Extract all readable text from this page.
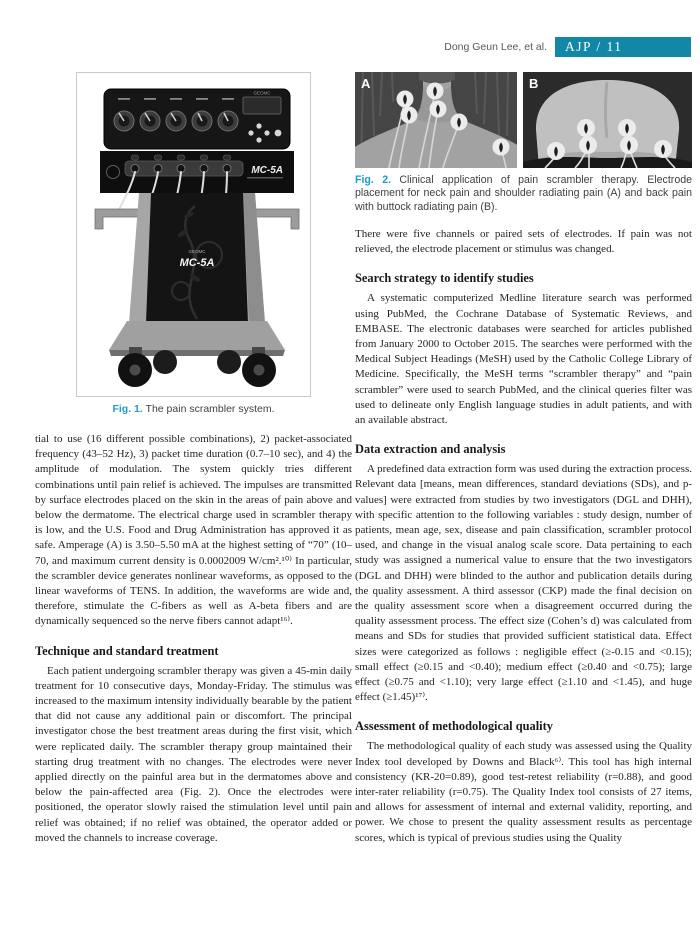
Dong Geun Lee, et al. AJP / 11
GEOMC
MC-5A
GEOMC
MC-5A
Fig. 1. The pain scrambler system.

tial to use (16 different possible combinations), 2) packet-associated frequency (43–52 Hz), 3) packet time duration (0.7–10 sec), and 4) the amplitude of modulation. The system quickly tries different combinations until pain relief is achieved. The impulses are transmitted by surface electrodes placed on the skin in the areas of pain above and below the dermatome. The electrical charge used in scrambler therapy is low, and the U.S. Food and Drug Administration has approved it as safe. Amperage (A) is 3.50–5.50 mA at the highest setting of “70” (10–70, and maximum current density is 0.0002009 W/cm².¹⁰⁾ In particular, the scrambler device generates nonlinear waveforms, as opposed to the linear waveforms of TENS. In addition, the waveforms are wide and, therefore, stimulate the C-fibers as well as A-beta fibers and are dynamically sequenced so the nerve fibers cannot adapt¹⁶⁾.

Technique and standard treatment

Each patient undergoing scrambler therapy was given a 45-min daily treatment for 10 consecutive days, Monday-Friday. The stimulus was increased to the maximum intensity individually bearable by the patient that did not cause any additional pain or discomfort. The principal investigator chose the best treatment areas during the first visit, which were replicated daily. The scrambler therapy group maintained their starting drug treatment with no changes. The electrodes were never applied directly on the painful area but in the dermatomes above and below the pain-affected area (Fig. 2). Once the electrodes were positioned, the operator slowly raised the stimulation level until pain relief was obtained; if no relief was obtained, the operator added or moved the channels to increase coverage.

A	B
Fig. 2. Clinical application of pain scrambler therapy. Electrode placement for neck pain and shoulder radiating pain (A) and back pain with buttock radiating pain (B).

There were five channels or paired sets of electrodes. If pain was not relieved, the electrode placement or stimulus was changed.

Search strategy to identify studies

A systematic computerized Medline literature search was performed using PubMed, the Cochrane Database of Systematic Reviews, and EMBASE. The electronic databases were searched for articles published from January 2000 to October 2015. The searches were performed with the Medical Subject Headings (MeSH) used by the Catholic College Library of Medicine. Specifically, the MeSH terms “scrambler therapy” and “pain scrambler” were used to search PubMed, and the clinical queries filter was used to delineate only English language studies in adult patients, and with an available abstract.

Data extraction and analysis

A predefined data extraction form was used during the extraction process. Relevant data [means, mean differences, standard deviations (SDs), and p-values] were extracted from studies by two investigators (DGL and DHH), with specific attention to the following variables : study design, number of patients, mean age, sex, disease and pain classification, scrambler protocol used, and change in the visual analog scale score. Data pertaining to each study was assigned a numerical value to ensure that the two investigators (DGL and DHH) were blinded to the author and publication details during the quality assessment. A third assessor (CKP) made the final decision on the quality assessment score when a disagreement occurred during the quality assessment process. The effect size (Cohen’s d) was calculated from means and SDs for studies that provided sufficient statistical data. Effect sizes were categorized as follows : negligible effect (≥-0.15 and <0.15); small effect (≥0.15 and <0.40); medium effect (≥0.40 and <0.75); large effect (≥0.75 and <1.10); very large effect (≥1.10 and <1.45), and huge effect (≥1.45)¹⁷⁾.

Assessment of methodological quality

The methodological quality of each study was assessed using the Quality Index tool developed by Downs and Black⁶⁾. This tool has high internal consistency (KR-20=0.89), good test-retest reliability (r=0.88), and good inter-rater reliability (r=0.75). The Quality Index tool consists of 27 items, and allows for assessment of internal and external validity, reporting, and power. We chose to present the quality assessment results as percentage scores, which is typical of previous studies using the Quality
